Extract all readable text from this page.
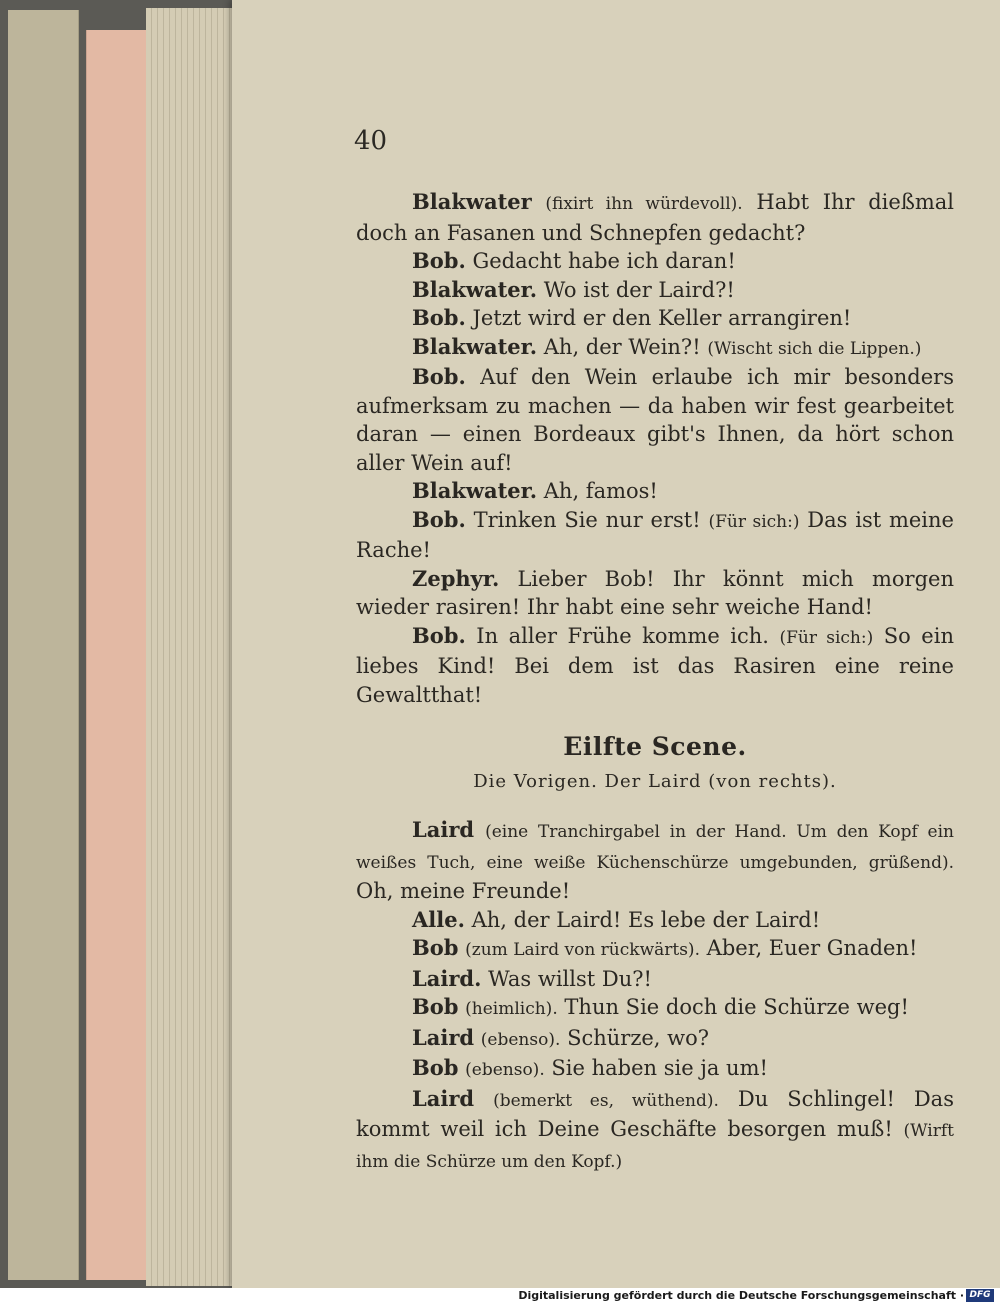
40

Blakwater (fixirt ihn würdevoll). Habt Ihr dießmal doch an Fasanen und Schnepfen gedacht?

Bob. Gedacht habe ich daran!

Blakwater. Wo ist der Laird?!

Bob. Jetzt wird er den Keller arrangiren!

Blakwater. Ah, der Wein?! (Wischt sich die Lippen.)

Bob. Auf den Wein erlaube ich mir besonders aufmerksam zu machen — da haben wir fest gearbeitet daran — einen Bordeaux gibt's Ihnen, da hört schon aller Wein auf!

Blakwater. Ah, famos!

Bob. Trinken Sie nur erst! (Für sich:) Das ist meine Rache!

Zephyr. Lieber Bob! Ihr könnt mich morgen wieder rasiren! Ihr habt eine sehr weiche Hand!

Bob. In aller Frühe komme ich. (Für sich:) So ein liebes Kind! Bei dem ist das Rasiren eine reine Gewaltthat!

Eilfte Scene.
Die Vorigen. Der Laird (von rechts).

Laird (eine Tranchirgabel in der Hand. Um den Kopf ein weißes Tuch, eine weiße Küchenschürze umgebunden, grüßend). Oh, meine Freunde!

Alle. Ah, der Laird! Es lebe der Laird!

Bob (zum Laird von rückwärts). Aber, Euer Gnaden!

Laird. Was willst Du?!

Bob (heimlich). Thun Sie doch die Schürze weg!

Laird (ebenso). Schürze, wo?

Bob (ebenso). Sie haben sie ja um!

Laird (bemerkt es, wüthend). Du Schlingel! Das kommt weil ich Deine Geschäfte besorgen muß! (Wirft ihm die Schürze um den Kopf.)

Digitalisierung gefördert durch die Deutsche Forschungsgemeinschaft · DFG
